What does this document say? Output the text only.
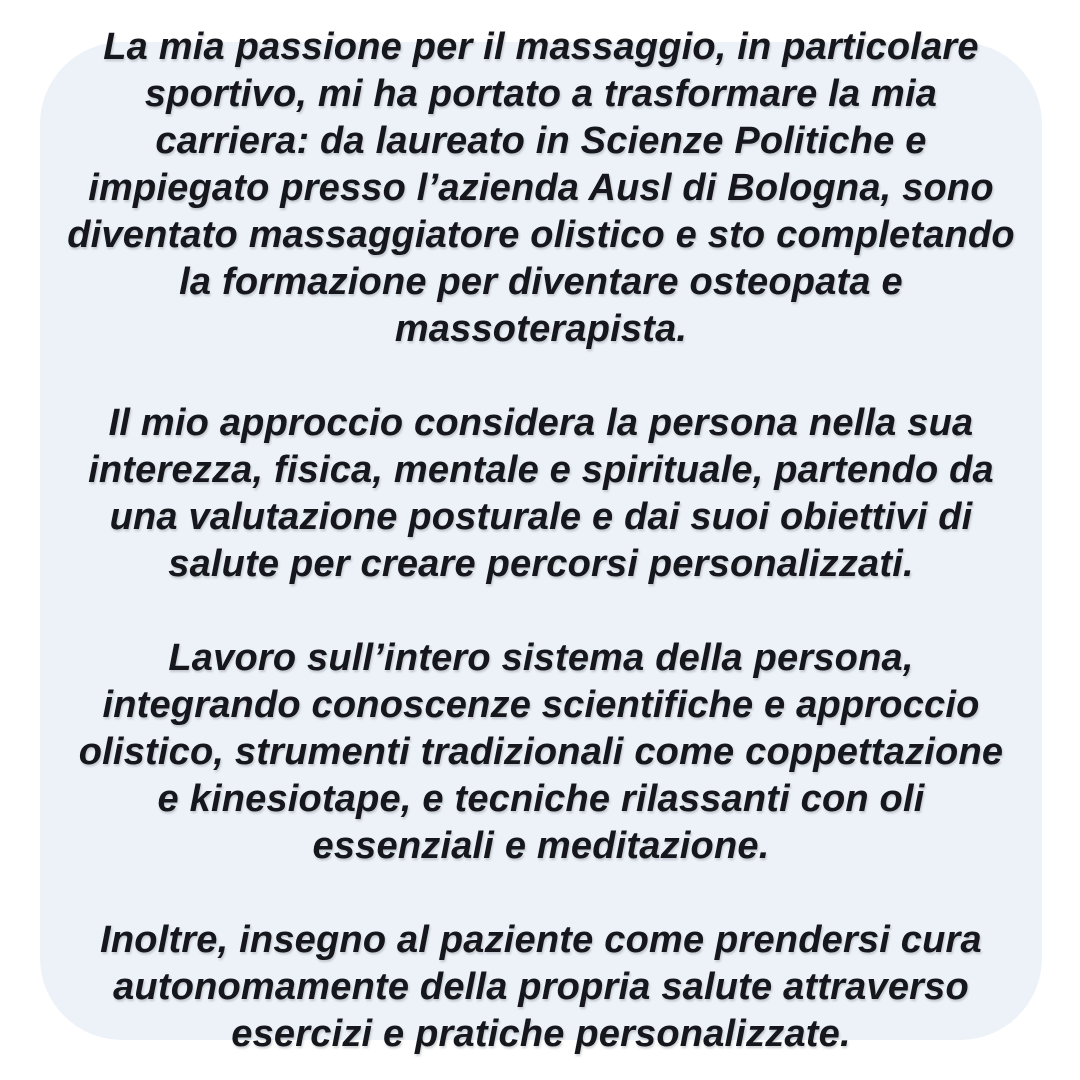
La mia passione per il massaggio, in particolare sportivo, mi ha portato a trasformare la mia carriera: da laureato in Scienze Politiche e impiegato presso l’azienda Ausl di Bologna, sono diventato massaggiatore olistico e sto completando la formazione per diventare osteopata e massoterapista.

Il mio approccio considera la persona nella sua interezza, fisica, mentale e spirituale, partendo da una valutazione posturale e dai suoi obiettivi di salute per creare percorsi personalizzati.

Lavoro sull’intero sistema della persona, integrando conoscenze scientifiche e approccio olistico, strumenti tradizionali come coppettazione e kinesiotape, e tecniche rilassanti con oli essenziali e meditazione.

Inoltre, insegno al paziente come prendersi cura autonomamente della propria salute attraverso esercizi e pratiche personalizzate.
